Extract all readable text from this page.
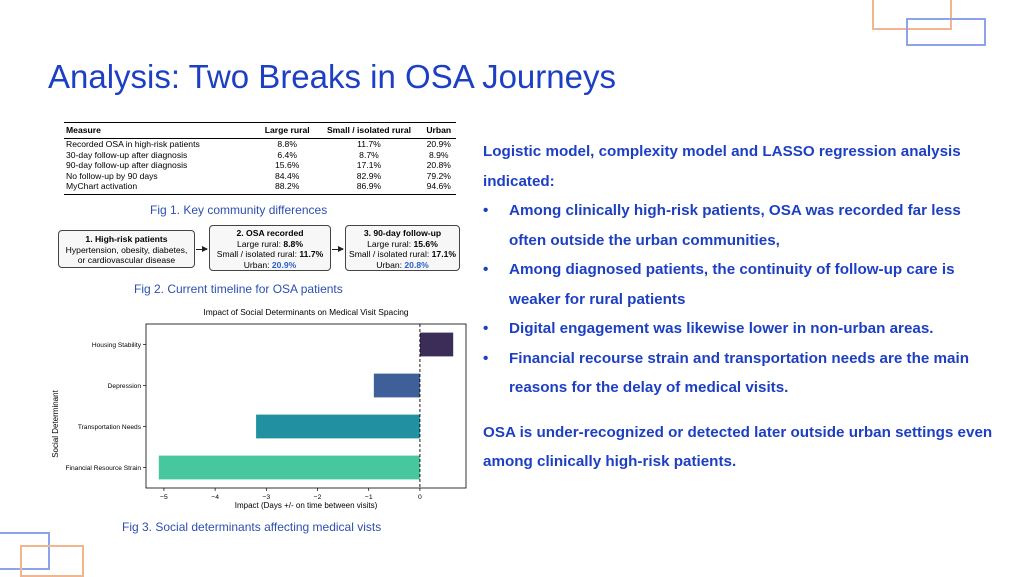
Analysis: Two Breaks in OSA Journeys
Measure	Large rural	Small / isolated rural	Urban
Recorded OSA in high-risk patients	8.8%	11.7%	20.9%
30-day follow-up after diagnosis	6.4%	8.7%	8.9%
90-day follow-up after diagnosis	15.6%	17.1%	20.8%
No follow-up by 90 days	84.4%	82.9%	79.2%
MyChart activation	88.2%	86.9%	94.6%
Fig 1. Key community differences
1. High-risk patients
Hypertension, obesity, diabetes,
or cardiovascular disease
2. OSA recorded
Large rural: 8.8%
Small / isolated rural: 11.7%
Urban: 20.9%
3. 90-day follow-up
Large rural: 15.6%
Small / isolated rural: 17.1%
Urban: 20.8%
Fig 2. Current timeline for OSA patients
Impact of Social Determinants on Medical Visit Spacing
Social Determinant
Impact (Days +/- on time between visits)
Housing Stability
Depression
Transportation Needs
Financial Resource Strain
−5	−4	−3	−2	−1	0
Fig 3. Social determinants affecting medical vists
Logistic model, complexity model and LASSO regression analysis indicated:
• Among clinically high-risk patients, OSA was recorded far less often outside the urban communities,
• Among diagnosed patients, the continuity of follow-up care is weaker for rural patients
• Digital engagement was likewise lower in non-urban areas.
• Financial recourse strain and transportation needs are the main reasons for the delay of medical visits.
OSA is under-recognized or detected later outside urban settings even among clinically high-risk patients.
